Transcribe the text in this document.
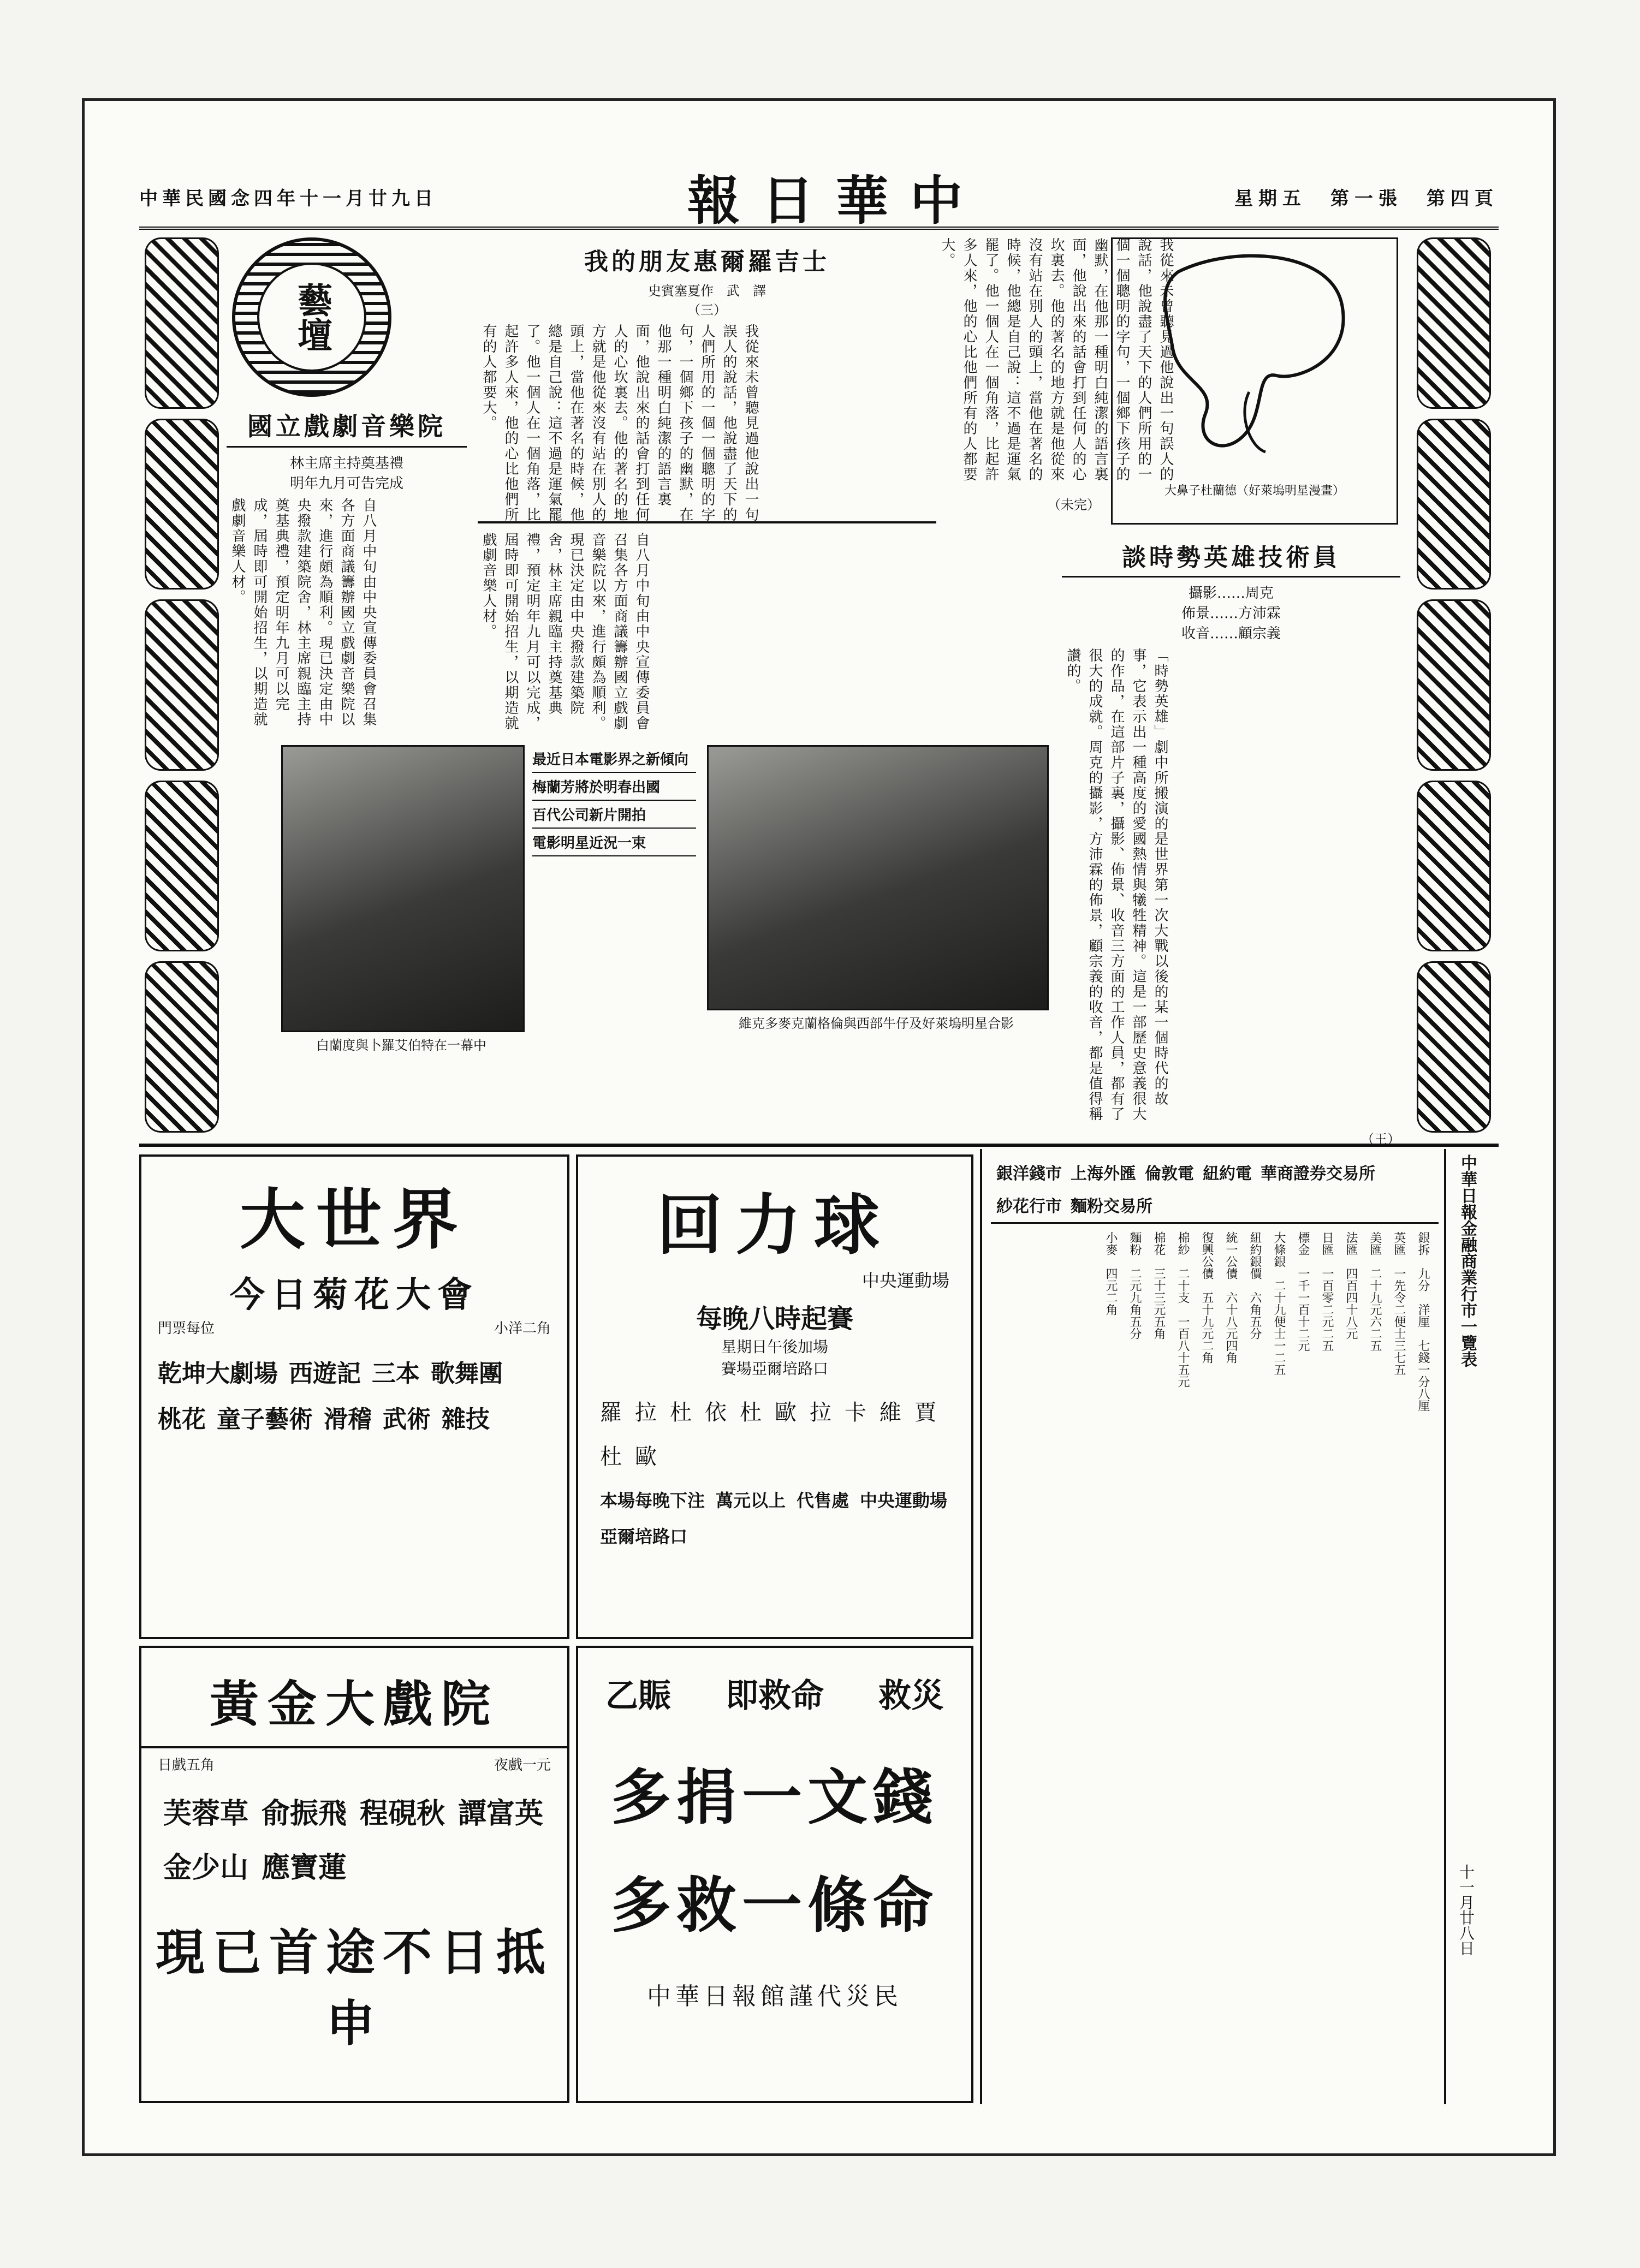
中華民國念四年十一月廿九日	報日華中	星期五　第一張　第四頁
藝壇
我的朋友惠爾羅吉士
史賓塞夏作　武　譯
（三）
我從來未曾聽見過他說出一句誤人的說話，他說盡了天下的人們所用的一個一個聰明的字句，一個鄉下孩子的幽默，在他那一種明白純潔的語言裏面，他說出來的話會打到任何人的心坎裏去。他的著名的地方就是他從來沒有站在別人的頭上，當他在著名的時候，他總是自己說：這不過是運氣罷了。他一個人在一個角落，比起許多人來，他的心比他們所有的人都要大。	我從來未曾聽見過他說出一句誤人的說話，他說盡了天下的人們所用的一個一個聰明的字句，一個鄉下孩子的幽默，在他那一種明白純潔的語言裏面，他說出來的話會打到任何人的心坎裏去。他的著名的地方就是他從來沒有站在別人的頭上，當他在著名的時候，他總是自己說：這不過是運氣罷了。他一個人在一個角落，比起許多人來，他的心比他們所有的人都要大。
（未完）
大鼻子杜蘭德（好萊塢明星漫畫）
國立戲劇音樂院
林主席主持奠基禮
明年九月可告完成
自八月中旬由中央宣傳委員會召集各方面商議籌辦國立戲劇音樂院以來，進行頗為順利。現已決定由中央撥款建築院舍，林主席親臨主持奠基典禮，預定明年九月可以完成，屆時即可開始招生，以期造就戲劇音樂人材。	自八月中旬由中央宣傳委員會召集各方面商議籌辦國立戲劇音樂院以來，進行頗為順利。現已決定由中央撥款建築院舍，林主席親臨主持奠基典禮，預定明年九月可以完成，屆時即可開始招生，以期造就戲劇音樂人材。
白蘭度與卜羅艾伯特在一幕中
最近日本電影界之新傾向
梅蘭芳將於明春出國
百代公司新片開拍
電影明星近況一束
維克多麥克蘭格倫與西部牛仔及好萊塢明星合影
談時勢英雄技術員
攝影……周克
佈景……方沛霖
收音……顧宗義
「時勢英雄」劇中所搬演的是世界第一次大戰以後的某一個時代的故事，它表示出一種高度的愛國熱情與犧牲精神。這是一部歷史意義很大的作品，在這部片子裏，攝影、佈景、收音三方面的工作人員，都有了很大的成就。周克的攝影，方沛霖的佈景，顧宗義的收音，都是值得稱讚的。
（王）
大世界
今日菊花大會
門票每位	小洋二角
乾坤大劇場 西遊記 三本 歌舞團
桃花 童子藝術 滑稽 武術 雜技
回力球
中央運動場
每晚八時起賽
星期日午後加場
賽場亞爾培路口
羅 拉 杜 依 杜 歐 拉 卡 維 賈
杜 歐
本場每晚下注 萬元以上 代售處 中央運動場
亞爾培路口
黃金大戲院
日戲五角	夜戲一元
芙蓉草 俞振飛 程硯秋 譚富英
金少山 應寶蓮
現已首途不日抵申
乙賑 即救命 救災
多捐一文錢
多救一條命
中華日報館謹代災民
銀洋錢市 上海外匯 倫敦電 紐約電 華商證券交易所
紗花行市 麵粉交易所
銀拆　九分　洋厘　七錢一分八厘
英匯　一先令二便士三七五
美匯　二十九元六二五
法匯　四百四十八元
日匯　一百零二元二五
標金　一千一百十二元
大條銀　二十九便士一二五
紐約銀價　六角五分
統一公債　六十八元四角
復興公債　五十九元二角
棉紗　二十支　一百八十五元
棉花　三十三元五角
麵粉　二元九角五分
小麥　四元二角	中華日報金融商業行市一覽表
十一月廿八日
